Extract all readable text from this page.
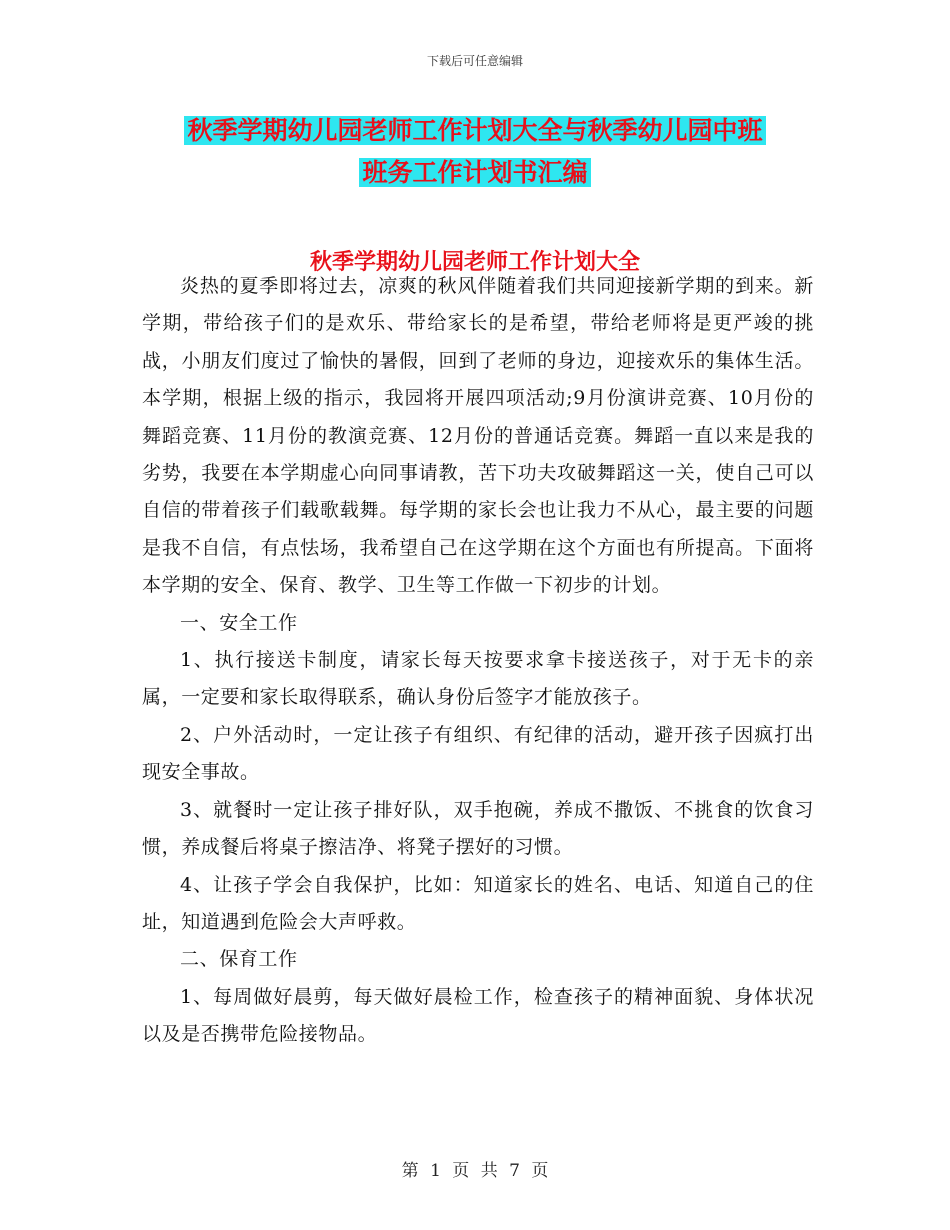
下载后可任意编辑
秋季学期幼儿园老师工作计划大全与秋季幼儿园中班
班务工作计划书汇编
秋季学期幼儿园老师工作计划大全

炎热的夏季即将过去，凉爽的秋风伴随着我们共同迎接新学期的到来。新学期，带给孩子们的是欢乐、带给家长的是希望，带给老师将是更严竣的挑战，小朋友们度过了愉快的暑假，回到了老师的身边，迎接欢乐的集体生活。本学期，根据上级的指示，我园将开展四项活动;9月份演讲竞赛、10月份的舞蹈竞赛、11月份的教演竞赛、12月份的普通话竞赛。舞蹈一直以来是我的劣势，我要在本学期虚心向同事请教，苦下功夫攻破舞蹈这一关，使自己可以自信的带着孩子们载歌载舞。每学期的家长会也让我力不从心，最主要的问题是我不自信，有点怯场，我希望自己在这学期在这个方面也有所提高。下面将本学期的安全、保育、教学、卫生等工作做一下初步的计划。

一、安全工作

1、执行接送卡制度，请家长每天按要求拿卡接送孩子，对于无卡的亲属，一定要和家长取得联系，确认身份后签字才能放孩子。

2、户外活动时，一定让孩子有组织、有纪律的活动，避开孩子因疯打出现安全事故。

3、就餐时一定让孩子排好队，双手抱碗，养成不撒饭、不挑食的饮食习惯，养成餐后将桌子擦洁净、将凳子摆好的习惯。

4、让孩子学会自我保护，比如：知道家长的姓名、电话、知道自己的住址，知道遇到危险会大声呼救。

二、保育工作

1、每周做好晨剪，每天做好晨检工作，检查孩子的精神面貌、身体状况以及是否携带危险接物品。

第 1 页 共 7 页
